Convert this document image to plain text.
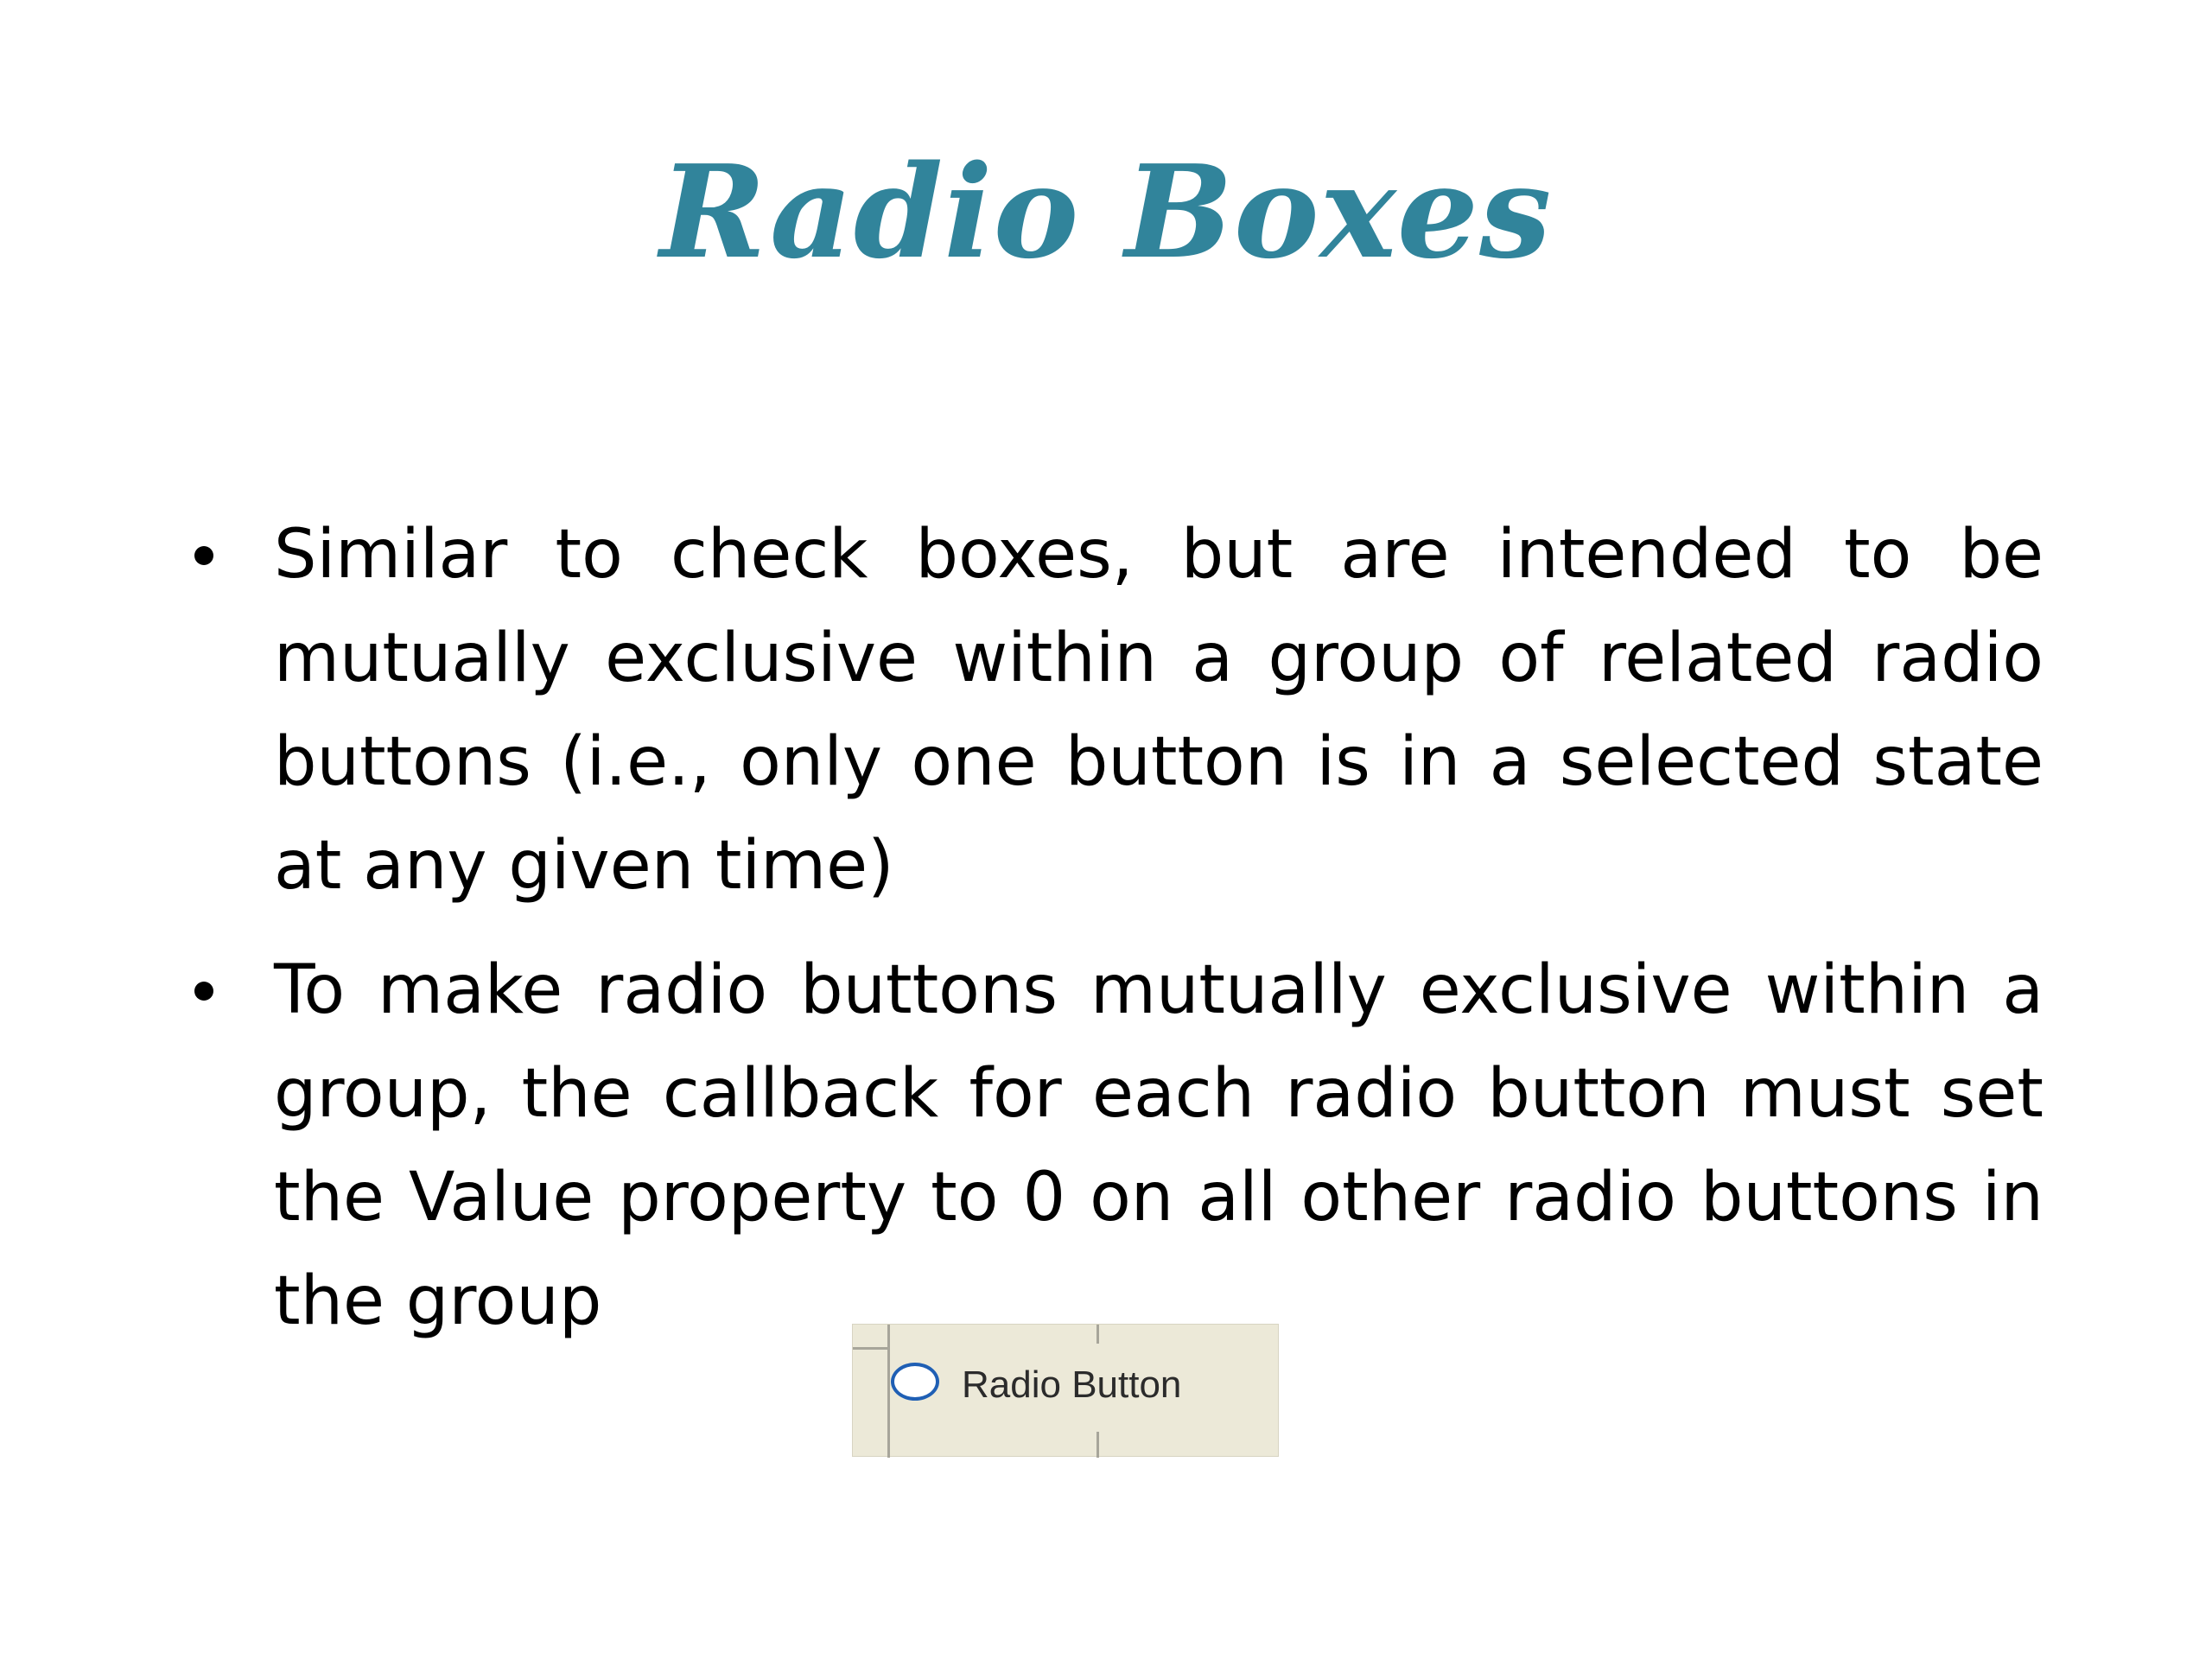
Radio Boxes
Similar to check boxes, but are intended to be mutually exclusive within a group of related radio buttons (i.e., only one button is in a selected state at any given time)
To make radio buttons mutually exclusive within a group, the callback for each radio button must set the Value property to 0 on all other radio buttons in the group
Radio Button
